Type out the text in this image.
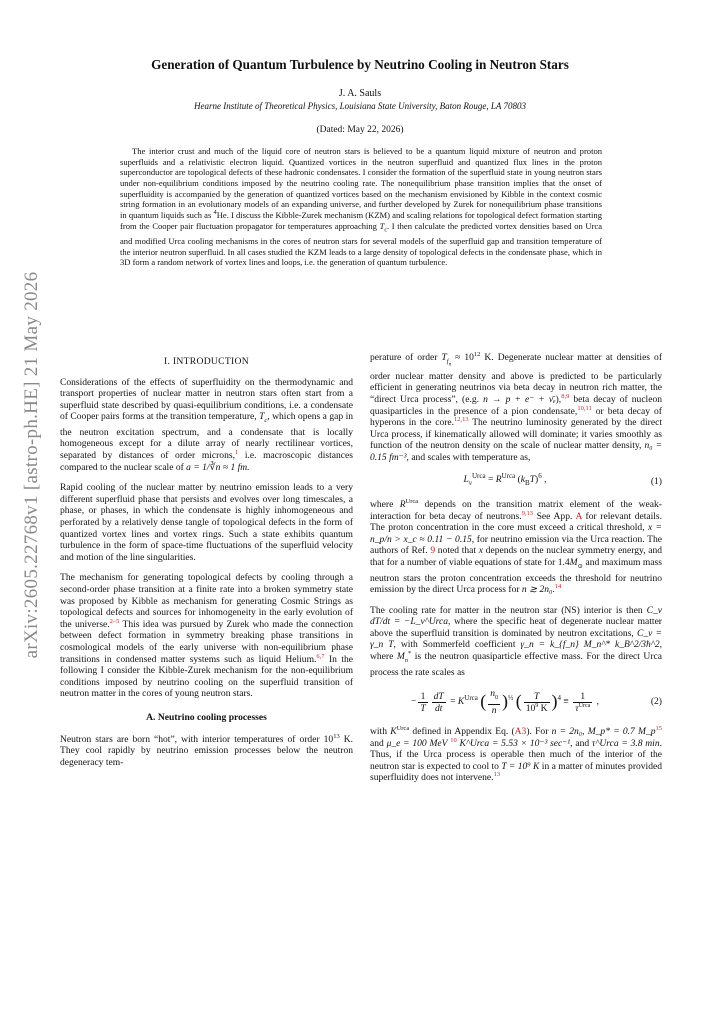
arXiv:2605.22768v1 [astro-ph.HE] 21 May 2026
Generation of Quantum Turbulence by Neutrino Cooling in Neutron Stars
J. A. Sauls
Hearne Institute of Theoretical Physics, Louisiana State University, Baton Rouge, LA 70803
(Dated: May 22, 2026)
The interior crust and much of the liquid core of neutron stars is believed to be a quantum liquid mixture of neutron and proton superfluids and a relativistic electron liquid. Quantized vortices in the neutron superfluid and quantized flux lines in the proton superconductor are topological defects of these hadronic condensates. I consider the formation of the superfluid state in young neutron stars under non-equilibrium conditions imposed by the neutrino cooling rate. The nonequilibrium phase transition implies that the onset of superfluidity is accompanied by the generation of quantized vortices based on the mechanism envisioned by Kibble in the context cosmic string formation in an evolutionary models of an expanding universe, and further developed by Zurek for nonequilibrium phase transitions in quantum liquids such as $^4$He. I discuss the Kibble-Zurek mechanism (KZM) and scaling relations for topological defect formation starting from the Cooper pair fluctuation propagator for temperatures approaching $T_c$. I then calculate the predicted vortex densities based on Urca and modified Urca cooling mechanisms in the cores of neutron stars for several models of the superfluid gap and transition temperature of the interior neutron superfluid. In all cases studied the KZM leads to a large density of topological defects in the condensate phase, which in 3D form a random network of vortex lines and loops, i.e. the generation of quantum turbulence.
I. INTRODUCTION

Considerations of the effects of superfluidity on the thermodynamic and transport properties of nuclear matter in neutron stars often start from a superfluid state described by quasi-equilibrium conditions, i.e. a condensate of Cooper pairs forms at the transition temperature, $T_c$, which opens a gap in the neutron excitation spectrum, and a condensate that is locally homogeneous except for a dilute array of nearly rectilinear vortices, separated by distances of order microns,$^1$ i.e. macroscopic distances compared to the nuclear scale of a = 1/∛n ≈ 1 fm.

Rapid cooling of the nuclear matter by neutrino emission leads to a very different superfluid phase that persists and evolves over long timescales, a phase, or phases, in which the condensate is highly inhomogeneous and perforated by a relatively dense tangle of topological defects in the form of quantized vortex lines and vortex rings. Such a state exhibits quantum turbulence in the form of space-time fluctuations of the superfluid velocity and motion of the line singularities.

The mechanism for generating topological defects by cooling through a second-order phase transition at a finite rate into a broken symmetry state was proposed by Kibble as mechanism for generating Cosmic Strings as topological defects and sources for inhomogeneity in the early evolution of the universe.$^{2-5}$ This idea was pursued by Zurek who made the connection between defect formation in symmetry breaking phase transitions in cosmological models of the early universe with non-equilibrium phase transitions in condensed matter systems such as liquid Helium.$^{6,7}$ In the following I consider the Kibble-Zurek mechanism for the non-equilibrium conditions imposed by neutrino cooling on the superfluid transition of neutron matter in the cores of young neutron stars.

A. Neutrino cooling processes

Neutron stars are born “hot”, with interior temperatures of order $10^{13}$ K. They cool rapidly by neutrino emission processes below the neutron degeneracy tem-

perature of order $T_{f_n} \approx 10^{12}$ K. Degenerate nuclear matter at densities of order nuclear matter density and above is predicted to be particularly efficient in generating neutrinos via beta decay in neutron rich matter, the “direct Urca process”, (e.g. n → p + e⁻ + ν̄ₑ),$^{8,9}$ beta decay of nucleon quasiparticles in the presence of a pion condensate,$^{10,11}$ or beta decay of hyperons in the core.$^{12,13}$ The neutrino luminosity generated by the direct Urca process, if kinematically allowed will dominate; it varies smoothly as function of the neutron density on the scale of nuclear matter density, n₀ = 0.15 fm⁻³, and scales with temperature as,

$L_\nu^{Urca} = R^{Urca}$ $(k_BT)^6$ ,	(1)

where $R^{Urca}$ depends on the transition matrix element of the weak-interaction for beta decay of neutrons.$^{9,13}$ See App. A for relevant details. The proton concentration in the core must exceed a critical threshold, x = n_p/n > x_c ≈ 0.11 − 0.15, for neutrino emission via the Urca reaction. The authors of Ref. 9 noted that x depends on the nuclear symmetry energy, and that for a number of viable equations of state for $1.4M_⊙$ and maximum mass neutron stars the proton concentration exceeds the threshold for neutrino emission by the direct Urca process for n ≳ 2n₀.$^{14}$

The cooling rate for matter in the neutron star (NS) interior is then C_v dT/dt = −L_ν^Urca, where the specific heat of degenerate nuclear matter above the superfluid transition is dominated by neutron excitations, C_v = γ_n T, with Sommerfeld coefficient γ_n = k_{f_n} M_n^* k_B^2/3ħ^2, where $M_n^*$ is the neutron quasiparticle effective mass. For the direct Urca process the rate scales as

− $\frac{1}{T} \frac{dT}{dt} = K^{Urca}$ ( $\frac{n_0}{n} )^{\frac{1}{3}}$ ( $\frac{T}{10^9 K} )^4 \equiv \frac{1}{\tau^{Urca}}$ ,	(2)

with $K^{Urca}$ defined in Appendix Eq. (A3). For n = 2n₀, M_p* = 0.7 $M\_p^{15}$ and μ_e = 100 MeV $^{10}$ K^Urca = 5.53 × 10⁻³ sec⁻¹, and τ^Urca = 3.8 min. Thus, if the Urca process is operable then much of the interior of the neutron star is expected to cool to T = 10⁹ K in a matter of minutes provided superfluidity does not intervene.$^{13}$
